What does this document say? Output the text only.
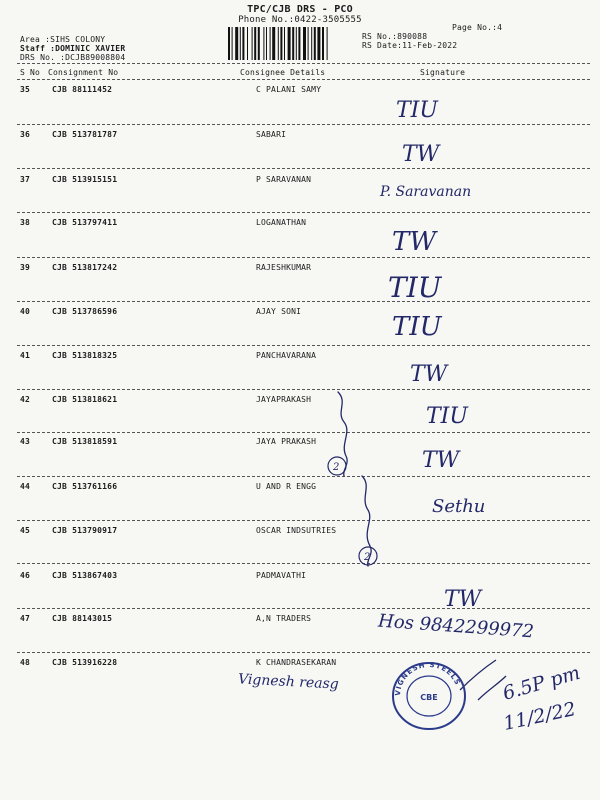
TPC/CJB DRS - PCO
Phone No.:0422-3505555
Page No.:4
Area :SIHS COLONY
Staff :DOMINIC XAVIER
DRS No. :DCJB89008804
RS No.:890088
RS Date:11-Feb-2022
S No Consignment No	Consignee Details	Signature
35	CJB 88111452	C PALANI SAMY
TIU
36	CJB 513781787	SABARI
TW
37	CJB 513915151	P SARAVANAN
P. Saravanan
38	CJB 513797411	LOGANATHAN
TW
39	CJB 513817242	RAJESHKUMAR
TIU
40	CJB 513786596	AJAY SONI
TIU
41	CJB 513818325	PANCHAVARANA
TW
42	CJB 513818621	JAYAPRAKASH
TIU
43	CJB 513818591	JAYA PRAKASH
TW
44	CJB 513761166	U AND R ENGG
Sethu
45	CJB 513790917	OSCAR INDSUTRIES
46	CJB 513867403	PADMAVATHI
TW
47	CJB 88143015	A,N TRADERS	Hos 9842299972
48	CJB 513916228	K CHANDRASEKARAN
Vignesh reasg
2
2
6.5P pm
11/2/22
VIGNESH STEELS
CBE
